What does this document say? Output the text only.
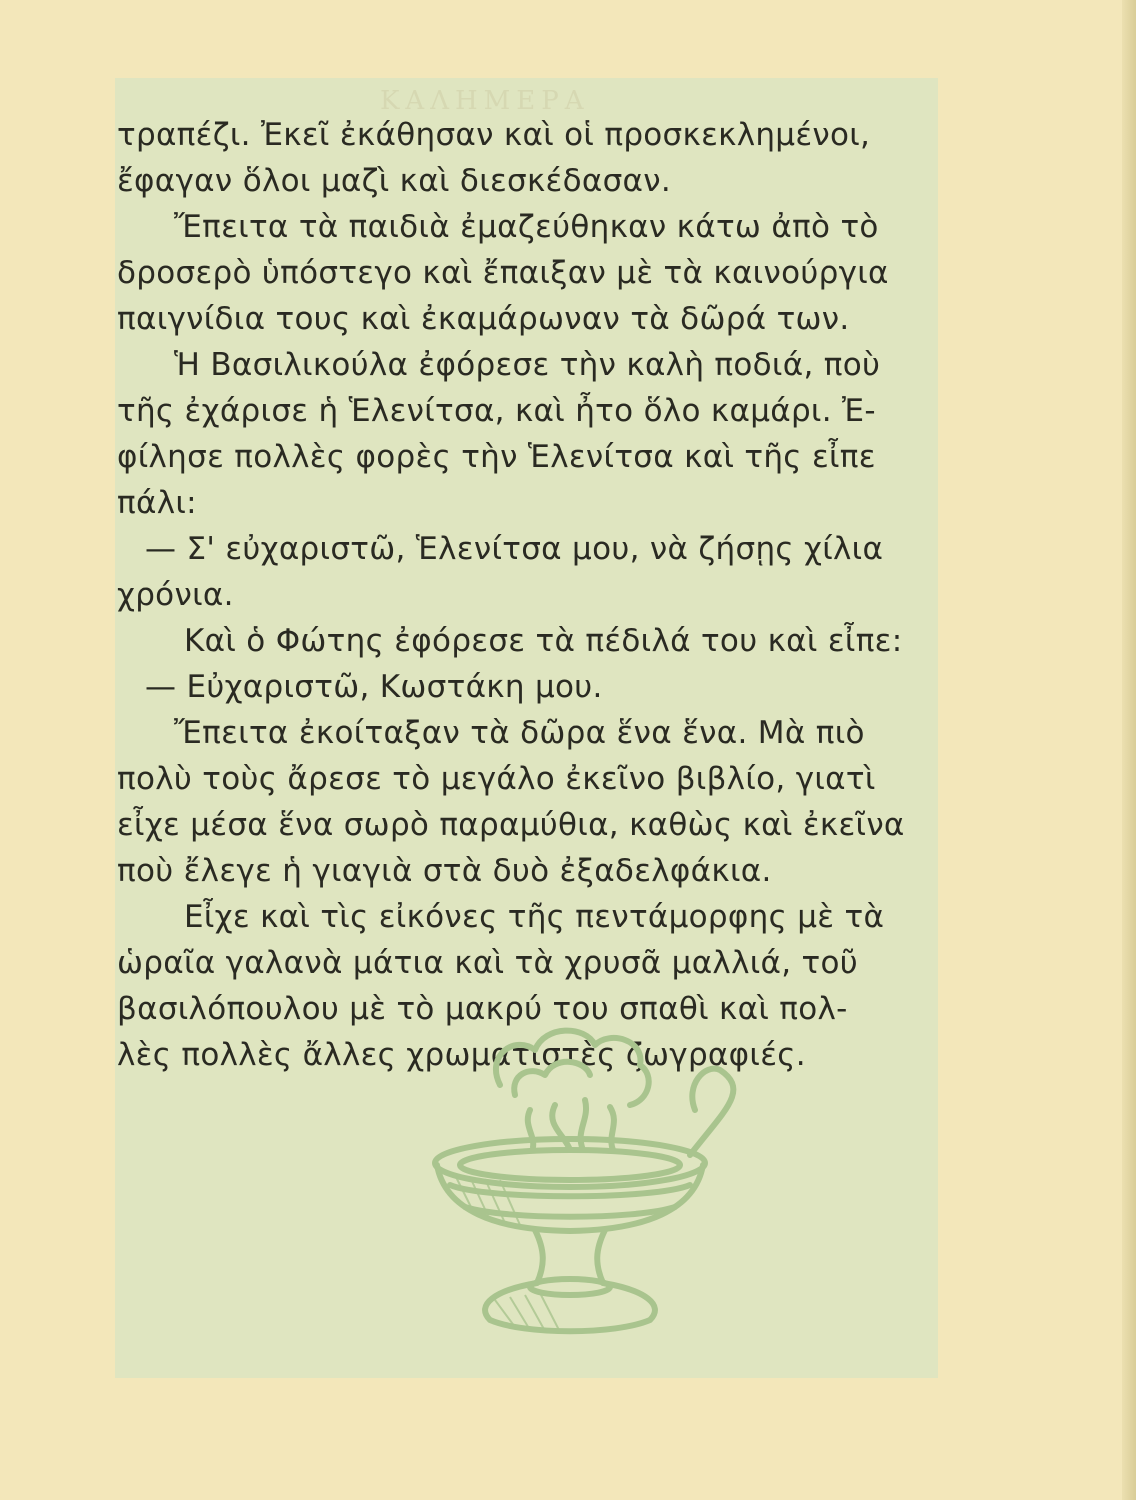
ΚΑΛΗΜΕΡΑ
τραπέζι. Ἐκεῖ ἐκάθησαν καὶ οἱ προσκεκλημένοι,
ἔφαγαν ὅλοι μαζὶ καὶ διεσκέδασαν.
Ἔπειτα τὰ παιδιὰ ἐμαζεύθηκαν κάτω ἀπὸ τὸ
δροσερὸ ὑπόστεγο καὶ ἔπαιξαν μὲ τὰ καινούργια
παιγνίδια τους καὶ ἐκαμάρωναν τὰ δῶρά των.
Ἡ Βασιλικούλα ἐφόρεσε τὴν καλὴ ποδιά, ποὺ
τῆς ἐχάρισε ἡ Ἑλενίτσα, καὶ ἦτο ὅλο καμάρι. Ἐ-
φίλησε πολλὲς φορὲς τὴν Ἑλενίτσα καὶ τῆς εἶπε
πάλι:
— Σ' εὐχαριστῶ, Ἑλενίτσα μου, νὰ ζήσῃς χίλια
χρόνια.
Καὶ ὁ Φώτης ἐφόρεσε τὰ πέδιλά του καὶ εἶπε:
— Εὐχαριστῶ, Κωστάκη μου.
Ἔπειτα ἐκοίταξαν τὰ δῶρα ἕνα ἕνα. Μὰ πιὸ
πολὺ τοὺς ἄρεσε τὸ μεγάλο ἐκεῖνο βιβλίο, γιατὶ
εἶχε μέσα ἕνα σωρὸ παραμύθια, καθὼς καὶ ἐκεῖνα
ποὺ ἔλεγε ἡ γιαγιὰ στὰ δυὸ ἐξαδελφάκια.
Εἶχε καὶ τὶς εἰκόνες τῆς πεντάμορφης μὲ τὰ
ὡραῖα γαλανὰ μάτια καὶ τὰ χρυσᾶ μαλλιά, τοῦ
βασιλόπουλου μὲ τὸ μακρύ του σπαθὶ καὶ πολ-
λὲς πολλὲς ἄλλες χρωματιστὲς ζωγραφιές.
